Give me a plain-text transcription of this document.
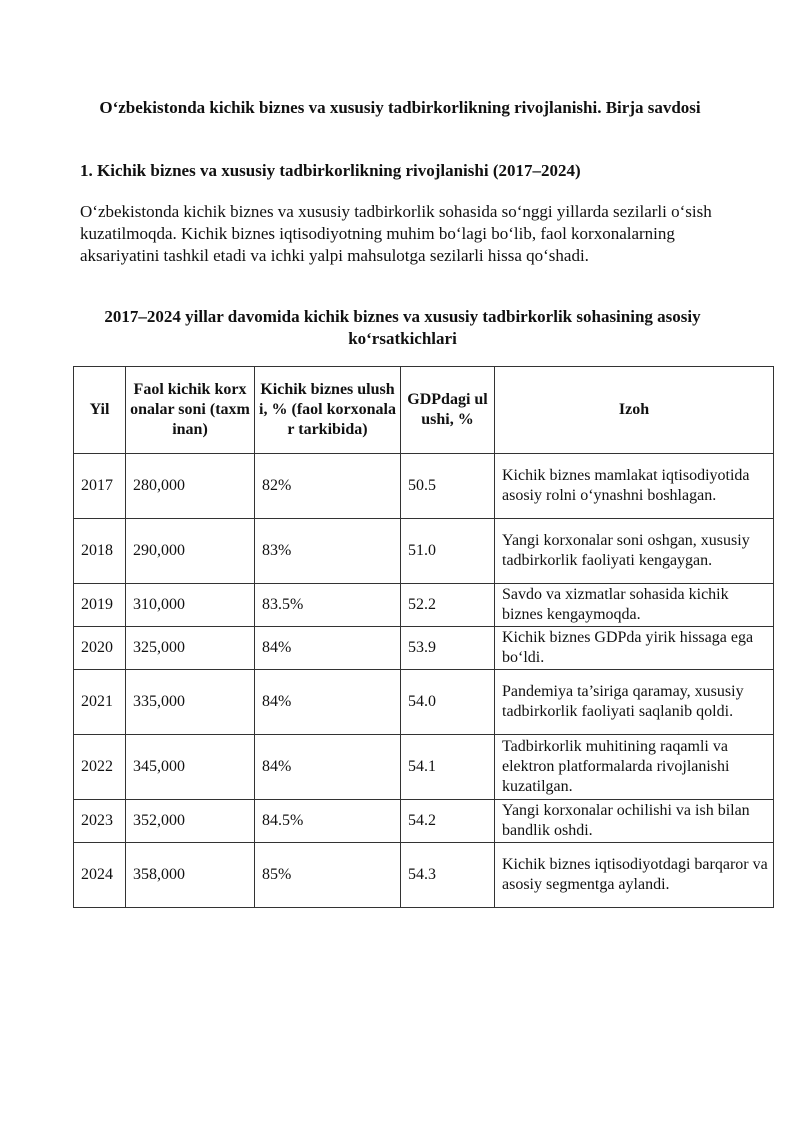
O‘zbekistonda kichik biznes va xususiy tadbirkorlikning rivojlanishi. Birja savdosi
1. Kichik biznes va xususiy tadbirkorlikning rivojlanishi (2017–2024)

O‘zbekistonda kichik biznes va xususiy tadbirkorlik sohasida so‘nggi yillarda sezilarli o‘sish kuzatilmoqda. Kichik biznes iqtisodiyotning muhim bo‘lagi bo‘lib, faol korxonalarning aksariyatini tashkil etadi va ichki yalpi mahsulotga sezilarli hissa qo‘shadi.

2017–2024 yillar davomida kichik biznes va xususiy tadbirkorlik sohasining asosiy ko‘rsatkichlari
Yil	Faol kichik korxonalar soni (taxminan)	Kichik biznes ulushi, % (faol korxonalar tarkibida)	GDPdagi ulushi, %	Izoh
2017	280,000	82%	50.5	Kichik biznes mamlakat iqtisodiyotida asosiy rolni o‘ynashni boshlagan.
2018	290,000	83%	51.0	Yangi korxonalar soni oshgan, xususiy tadbirkorlik faoliyati kengaygan.
2019	310,000	83.5%	52.2	Savdo va xizmatlar sohasida kichik biznes kengaymoqda.
2020	325,000	84%	53.9	Kichik biznes GDPda yirik hissaga ega bo‘ldi.
2021	335,000	84%	54.0	Pandemiya ta’siriga qaramay, xususiy tadbirkorlik faoliyati saqlanib qoldi.
2022	345,000	84%	54.1	Tadbirkorlik muhitining raqamli va elektron platformalarda rivojlanishi kuzatilgan.
2023	352,000	84.5%	54.2	Yangi korxonalar ochilishi va ish bilan bandlik oshdi.
2024	358,000	85%	54.3	Kichik biznes iqtisodiyotdagi barqaror va asosiy segmentga aylandi.
